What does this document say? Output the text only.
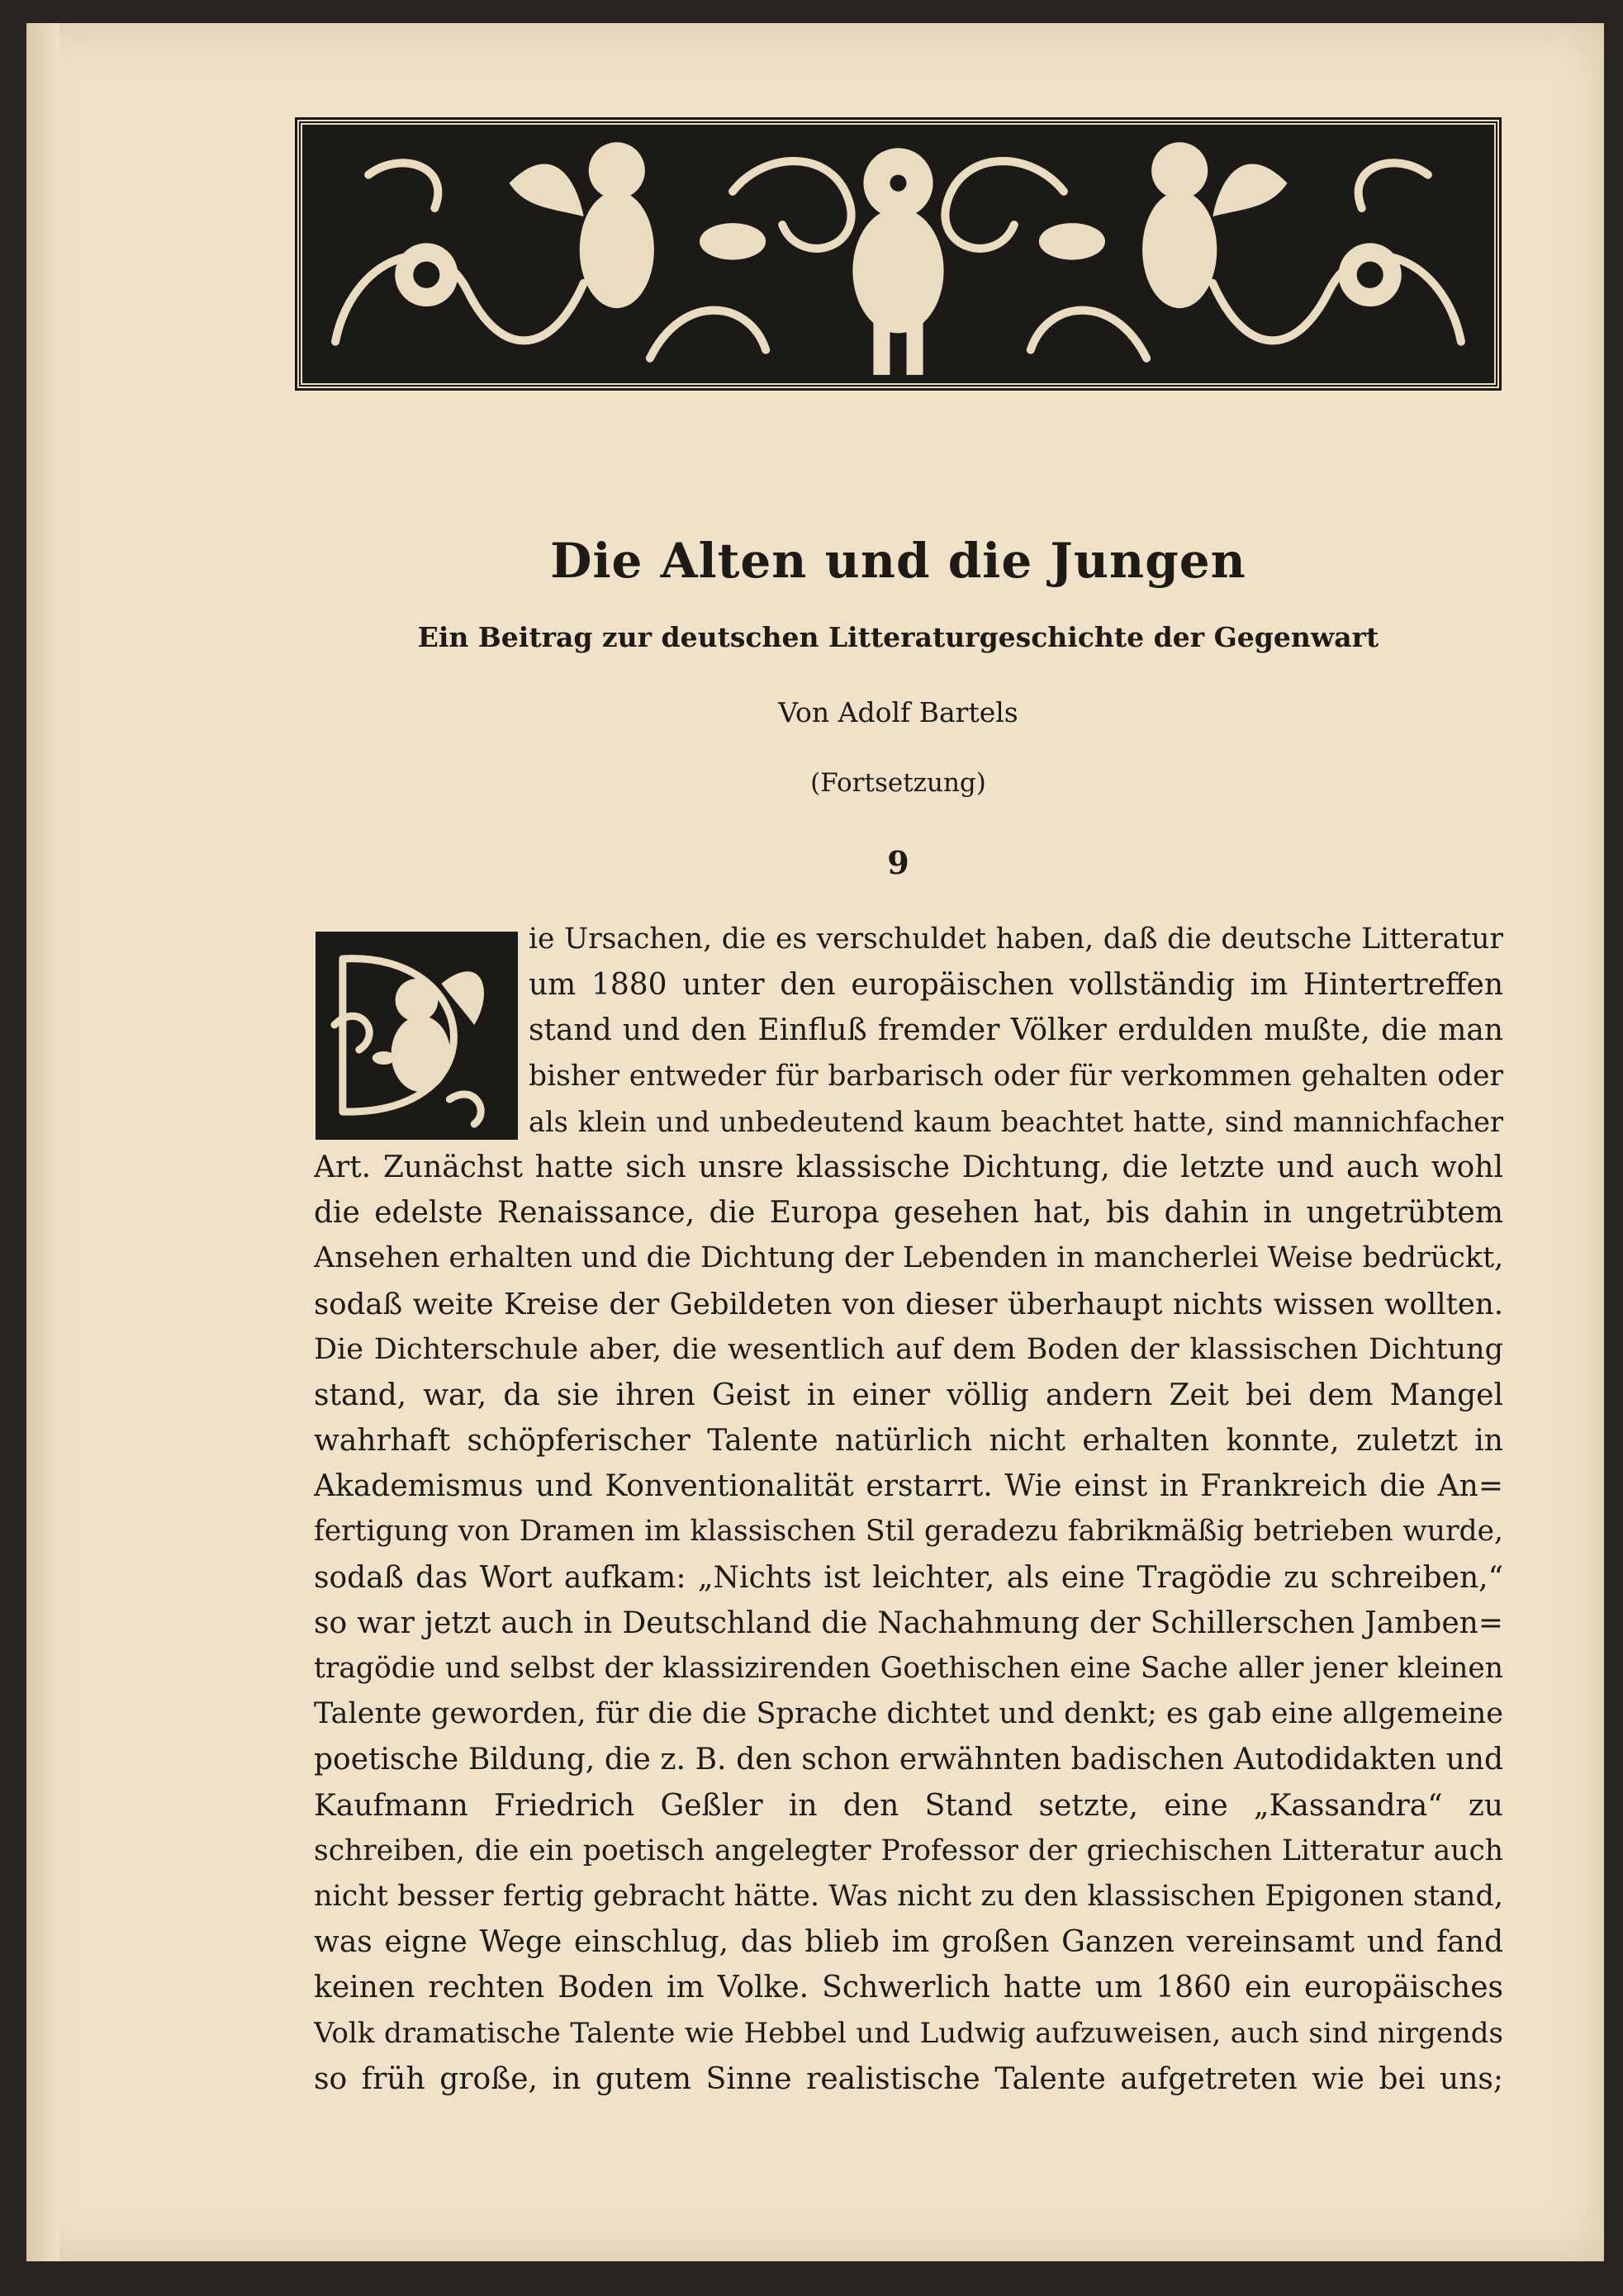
Die Alten und die Jungen
Ein Beitrag zur deutschen Litteraturgeschichte der Gegenwart
Von Adolf Bartels
(Fortsetzung)
9
ie Ursachen, die es verschuldet haben, daß die deutsche Litteratur
um 1880 unter den europäischen vollständig im Hintertreffen
stand und den Einfluß fremder Völker erdulden mußte, die man
bisher entweder für barbarisch oder für verkommen gehalten oder
als klein und unbedeutend kaum beachtet hatte, sind mannichfacher
Art. Zunächst hatte sich unsre klassische Dichtung, die letzte und auch wohl
die edelste Renaissance, die Europa gesehen hat, bis dahin in ungetrübtem
Ansehen erhalten und die Dichtung der Lebenden in mancherlei Weise bedrückt,
sodaß weite Kreise der Gebildeten von dieser überhaupt nichts wissen wollten.
Die Dichterschule aber, die wesentlich auf dem Boden der klassischen Dichtung
stand, war, da sie ihren Geist in einer völlig andern Zeit bei dem Mangel
wahrhaft schöpferischer Talente natürlich nicht erhalten konnte, zuletzt in
Akademismus und Konventionalität erstarrt. Wie einst in Frankreich die An=
fertigung von Dramen im klassischen Stil geradezu fabrikmäßig betrieben wurde,
sodaß das Wort aufkam: „Nichts ist leichter, als eine Tragödie zu schreiben,“
so war jetzt auch in Deutschland die Nachahmung der Schillerschen Jamben=
tragödie und selbst der klassizirenden Goethischen eine Sache aller jener kleinen
Talente geworden, für die die Sprache dichtet und denkt; es gab eine allgemeine
poetische Bildung, die z. B. den schon erwähnten badischen Autodidakten und
Kaufmann Friedrich Geßler in den Stand setzte, eine „Kassandra“ zu
schreiben, die ein poetisch angelegter Professor der griechischen Litteratur auch
nicht besser fertig gebracht hätte. Was nicht zu den klassischen Epigonen stand,
was eigne Wege einschlug, das blieb im großen Ganzen vereinsamt und fand
keinen rechten Boden im Volke. Schwerlich hatte um 1860 ein europäisches
Volk dramatische Talente wie Hebbel und Ludwig aufzuweisen, auch sind nirgends
so früh große, in gutem Sinne realistische Talente aufgetreten wie bei uns;
